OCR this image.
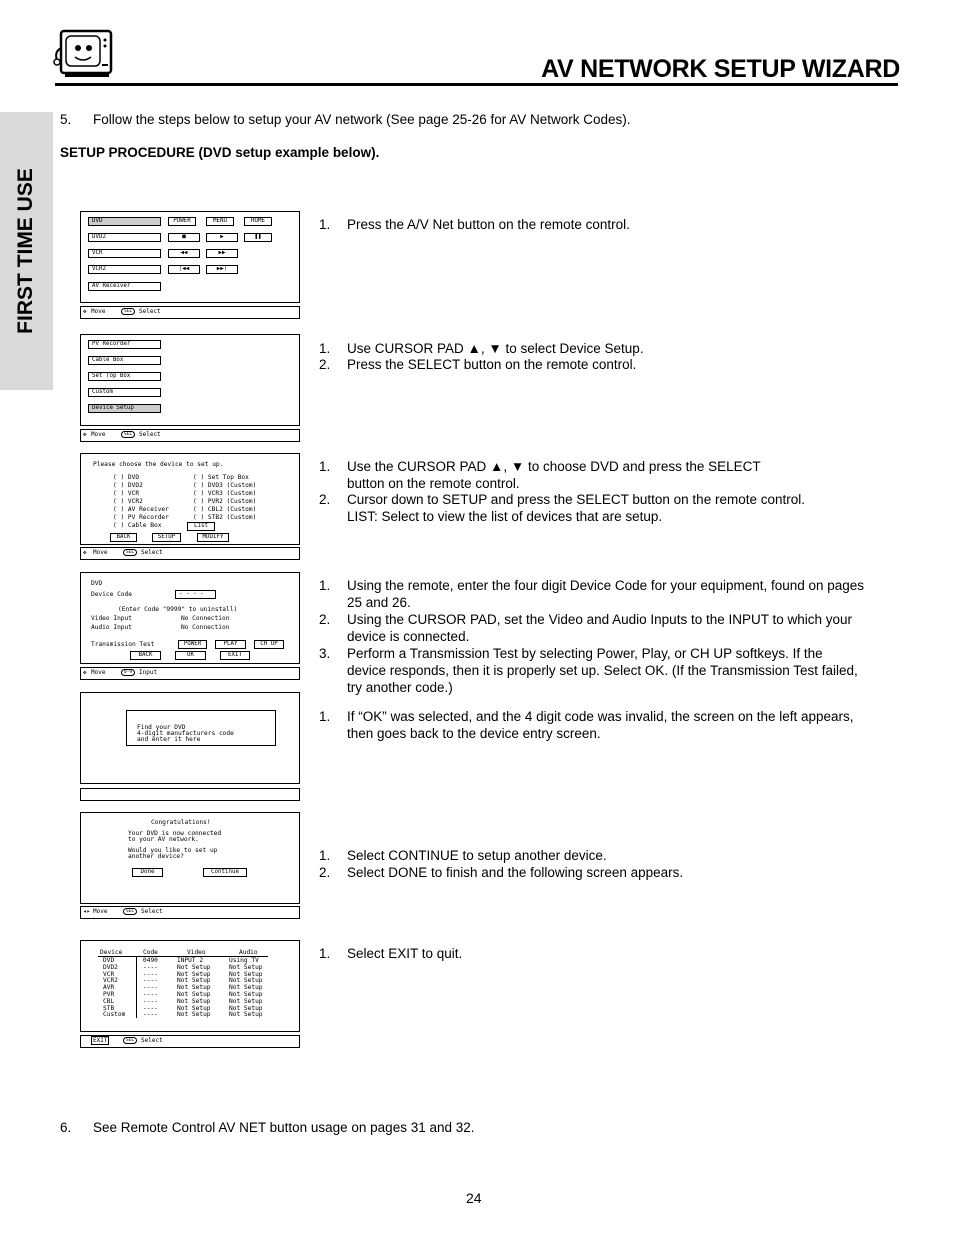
AV NETWORK SETUP WIZARD
FIRST TIME USE
5. Follow the steps below to setup your AV network (See page 25-26 for AV Network Codes).
SETUP PROCEDURE (DVD setup example below).
DVD
DVD2
VCR
VCR2
AV Receiver
POWER	MENU	HOME
■	▶	❚❚
◀◀	▶▶
❘◀◀	▶▶❘
✥ Move	SEL	Select
PV Recorder
Cable Box
Set Top Box
Custom
Device Setup
✥ Move	SEL	Select
Please choose the device to set up.
( ) DVD
( ) DVD2
( ) VCR
( ) VCR2
( ) AV Receiver
( ) PV Recorder
( ) Cable Box
( ) Set Top Box
( ) DVD3 (Custom)
( ) VCR3 (Custom)
( ) PVR2 (Custom)
( ) CBL2 (Custom)
( ) STB2 (Custom)
List
BACK	SETUP	MODIFY
✥ Move	SEL	Select
DVD
Device Code	- - - -
(Enter Code "9999" to uninstall)
Video Input	No Connection
Audio Input	No Connection
Transmission Test	POWER	PLAY	CH UP
BACK	OK	EXIT
✥ Move	0-9	Input
Find your DVD
4-digit manufacturers code
and enter it here
Congratulations!
Your DVD is now connected
to your AV network.
Would you like to set up
another device?
Done	Continue
◂▸ Move	SEL	Select
Device	Code	Video	Audio
DVD	0490	INPUT 2	Using TV
DVD2	----	Not Setup	Not Setup
VCR	----	Not Setup	Not Setup
VCR2	----	Not Setup	Not Setup
AVR	----	Not Setup	Not Setup
PVR	----	Not Setup	Not Setup
CBL	----	Not Setup	Not Setup
STB	----	Not Setup	Not Setup
Custom	----	Not Setup	Not Setup
EXIT	SEL	Select
1. Press the A/V Net button on the remote control.
1. Use CURSOR PAD ▲, ▼ to select Device Setup.
2. Press the SELECT button on the remote control.
1. Use the CURSOR PAD ▲, ▼ to choose DVD and press the SELECT
button on the remote control.
2. Cursor down to SETUP and press the SELECT button on the remote control.
LIST: Select to view the list of devices that are setup.
1. Using the remote, enter the four digit Device Code for your equipment, found on pages
25 and 26.
2. Using the CURSOR PAD, set the Video and Audio Inputs to the INPUT to which your
device is connected.
3. Perform a Transmission Test by selecting Power, Play, or CH UP softkeys. If the
device responds, then it is properly set up. Select OK. (If the Transmission Test failed,
try another code.)
1. If “OK” was selected, and the 4 digit code was invalid, the screen on the left appears,
then goes back to the device entry screen.
1. Select CONTINUE to setup another device.
2. Select DONE to finish and the following screen appears.
1. Select EXIT to quit.
6. See Remote Control AV NET button usage on pages 31 and 32.
24
